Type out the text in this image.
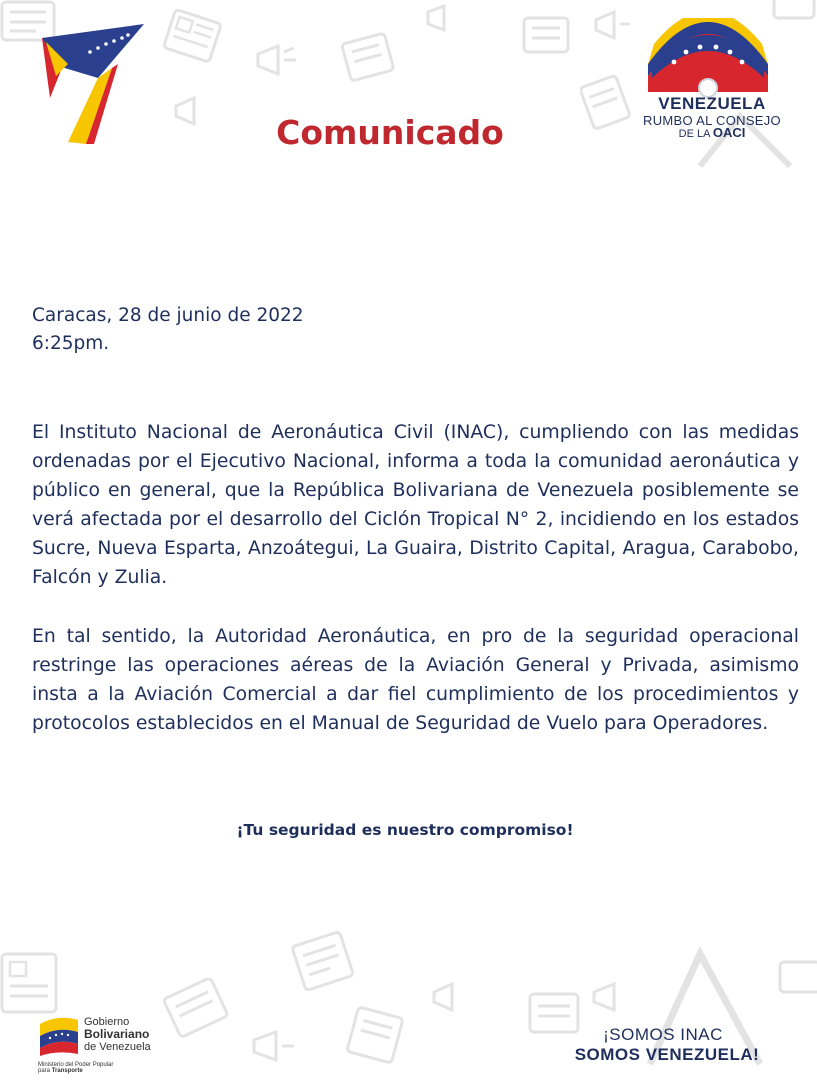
VENEZUELA
RUMBO AL CONSEJO
DE LA OACI
Comunicado
Caracas, 28 de junio de 2022
6:25pm.
El Instituto Nacional de Aeronáutica Civil (INAC), cumpliendo con las medidas ordenadas por el Ejecutivo Nacional, informa a toda la comunidad aeronáutica y público en general, que la República Bolivariana de Venezuela posiblemente se verá afectada por el desarrollo del Ciclón Tropical N° 2, incidiendo en los estados Sucre, Nueva Esparta, Anzoátegui, La Guaira, Distrito Capital, Aragua, Carabobo, Falcón y Zulia.
En tal sentido, la Autoridad Aeronáutica, en pro de la seguridad operacional restringe las operaciones aéreas de la Aviación General y Privada, asimismo insta a la Aviación Comercial a dar fiel cumplimiento de los procedimientos y protocolos establecidos en el Manual de Seguridad de Vuelo para Operadores.
¡Tu seguridad es nuestro compromiso!
Gobierno
Bolivariano
de Venezuela
Ministerio del Poder Popular
para Transporte
¡SOMOS INAC
SOMOS VENEZUELA!
